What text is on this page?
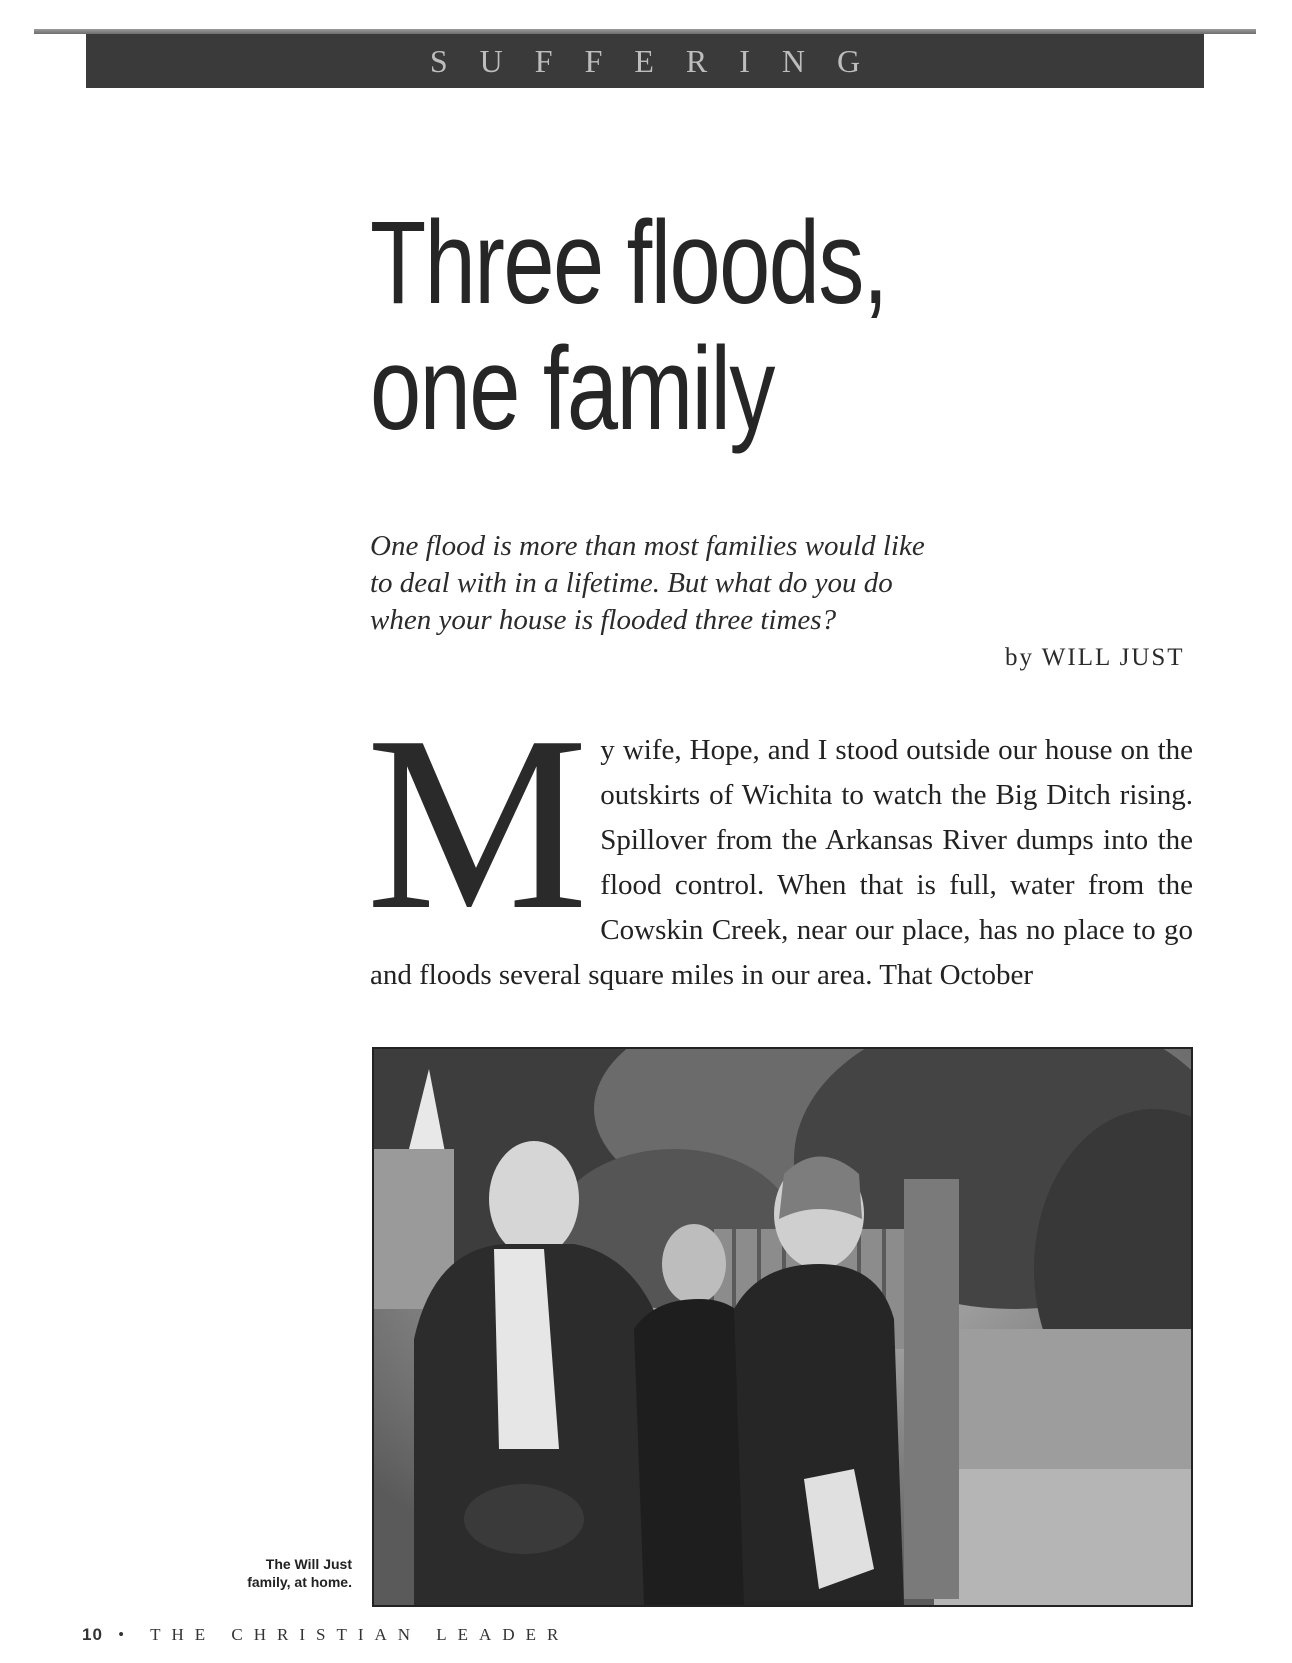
SUFFERING
Three floods,
one family

One flood is more than most families would like to deal with in a lifetime. But what do you do when your house is flooded three times?

by WILL JUST

M y wife, Hope, and I stood outside our house on the outskirts of Wichita to watch the Big Ditch rising. Spillover from the Arkansas River dumps into the flood control. When that is full, water from the Cowskin Creek, near our place, has no place to go and floods several square miles in our area. That October

The Will Just
family, at home.
10 • THE CHRISTIAN LEADER
